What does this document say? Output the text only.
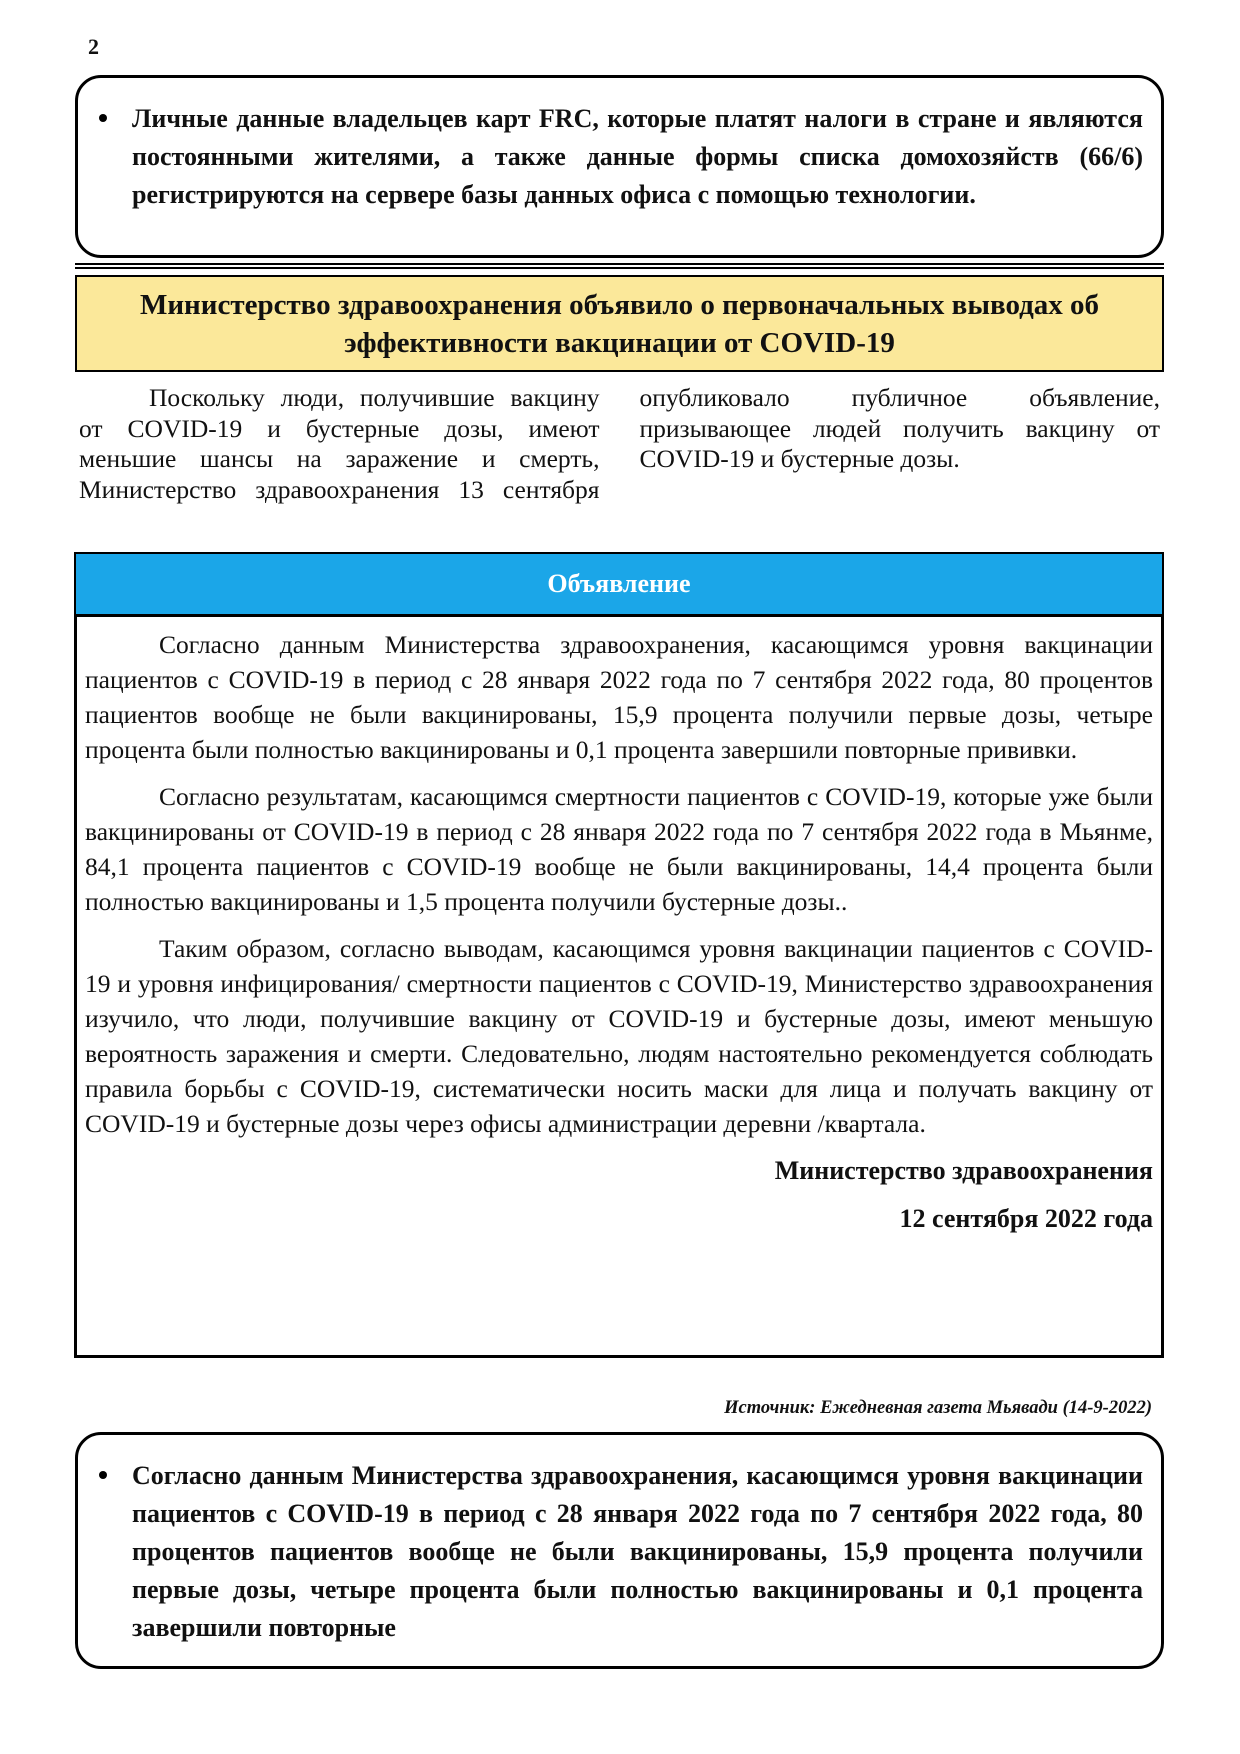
2
Личные данные владельцев карт FRC, которые платят налоги в стране и являются постоянными жителями, а также данные формы списка домохозяйств (66/6) регистрируются на сервере базы данных офиса с помощью технологии.
Министерство здравоохранения объявило о первоначальных выводах об эффективности вакцинации от COVID-19

Поскольку люди, получившие вакцину от COVID-19 и бустерные дозы, имеют меньшие шансы на заражение и смерть, Министерство здравоохранения 13 сентября опубликовало публичное объявление, призывающее людей получить вакцину от COVID-19 и бустерные дозы.

Объявление

Согласно данным Министерства здравоохранения, касающимся уровня вакцинации пациентов с COVID-19 в период с 28 января 2022 года по 7 сентября 2022 года, 80 процентов пациентов вообще не были вакцинированы, 15,9 процента получили первые дозы, четыре процента были полностью вакцинированы и 0,1 процента завершили повторные прививки.

Согласно результатам, касающимся смертности пациентов с COVID-19, которые уже были вакцинированы от COVID-19 в период с 28 января 2022 года по 7 сентября 2022 года в Мьянме, 84,1 процента пациентов с COVID-19 вообще не были вакцинированы, 14,4 процента были полностью вакцинированы и 1,5 процента получили бустерные дозы..

Таким образом, согласно выводам, касающимся уровня вакцинации пациентов с COVID-19 и уровня инфицирования/ смертности пациентов с COVID-19, Министерство здравоохранения изучило, что люди, получившие вакцину от COVID-19 и бустерные дозы, имеют меньшую вероятность заражения и смерти. Следовательно, людям настоятельно рекомендуется соблюдать правила борьбы с COVID-19, систематически носить маски для лица и получать вакцину от COVID-19 и бустерные дозы через офисы администрации деревни /квартала.

Министерство здравоохранения
12 сентября 2022 года
Источник: Ежедневная газета Мьявади (14-9-2022)
Согласно данным Министерства здравоохранения, касающимся уровня вакцинации пациентов с COVID-19 в период с 28 января 2022 года по 7 сентября 2022 года, 80 процентов пациентов вообще не были вакцинированы, 15,9 процента получили первые дозы, четыре процента были полностью вакцинированы и 0,1 процента завершили повторные
